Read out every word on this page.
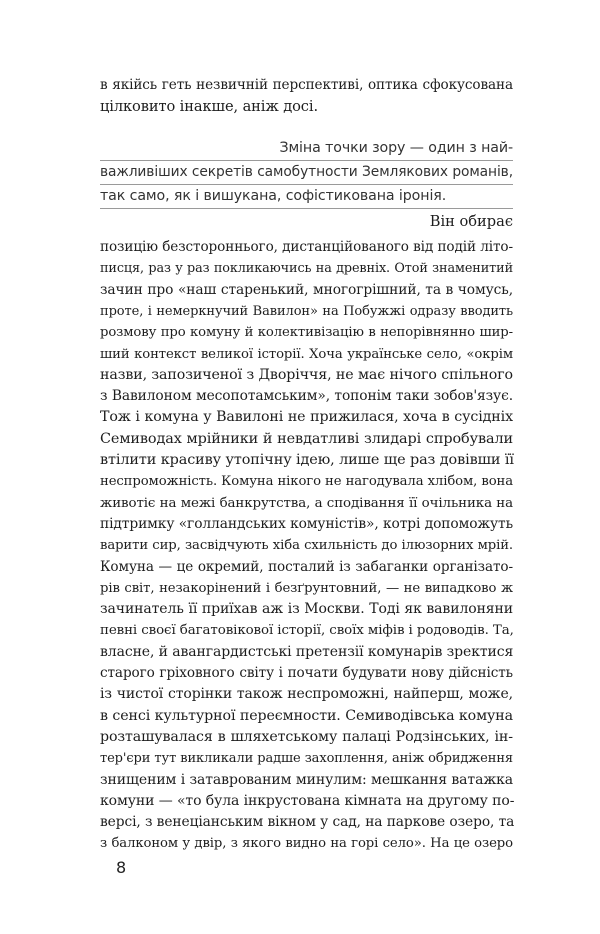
в якійсь геть незвичній перспективі, оптика сфокусована
цілковито інакше, аніж досі.
Зміна точки зору — один з най-
важливіших секретів самобутности Землякових романів,
так само, як і вишукана, софістикована іронія.
Він обирає
8
позицію безстороннього, дистанційованого від подій літо-
писця, раз у раз покликаючись на древніх. Отой знаменитий
зачин про «наш старенький, многогрішний, та в чомусь,
проте, і немеркнучий Вавилон» на Побужжі одразу вводить
розмову про комуну й колективізацію в непорівнянно шир-
ший контекст великої історії. Хоча українське село, «окрім
назви, запозиченої з Дворіччя, не має нічого спільного
з Вавилоном месопотамським», топонім таки зобов'язує.
Тож і комуна у Вавилоні не прижилася, хоча в сусідніх
Семиводах мрійники й невдатливі злидарі спробували
втілити красиву утопічну ідею, лише ще раз довівши її
неспроможність. Комуна нікого не нагодувала хлібом, вона
животіє на межі банкрутства, а сподівання її очільника на
підтримку «голландських комуністів», котрі допоможуть
варити сир, засвідчують хіба схильність до ілюзорних мрій.
Комуна — це окремий, посталий із забаганки організато-
рів світ, незакорінений і безґрунтовний, — не випадково ж
зачинатель її приїхав аж із Москви. Тоді як вавилоняни
певні своєї багатовікової історії, своїх міфів і родоводів. Та,
власне, й авангардистські претензії комунарів зректися
старого гріховного світу і почати будувати нову дійсність
із чистої сторінки також неспроможні, найперш, може,
в сенсі культурної переємности. Семиводівська комуна
розташувалася в шляхетському палаці Родзінських, ін-
тер'єри тут викликали радше захоплення, аніж обридження
знищеним і затаврованим минулим: мешкання ватажка
комуни — «то була інкрустована кімната на другому по-
версі, з венеціанським вікном у сад, на паркове озеро, та
з балконом у двір, з якого видно на горі село». На це озеро
